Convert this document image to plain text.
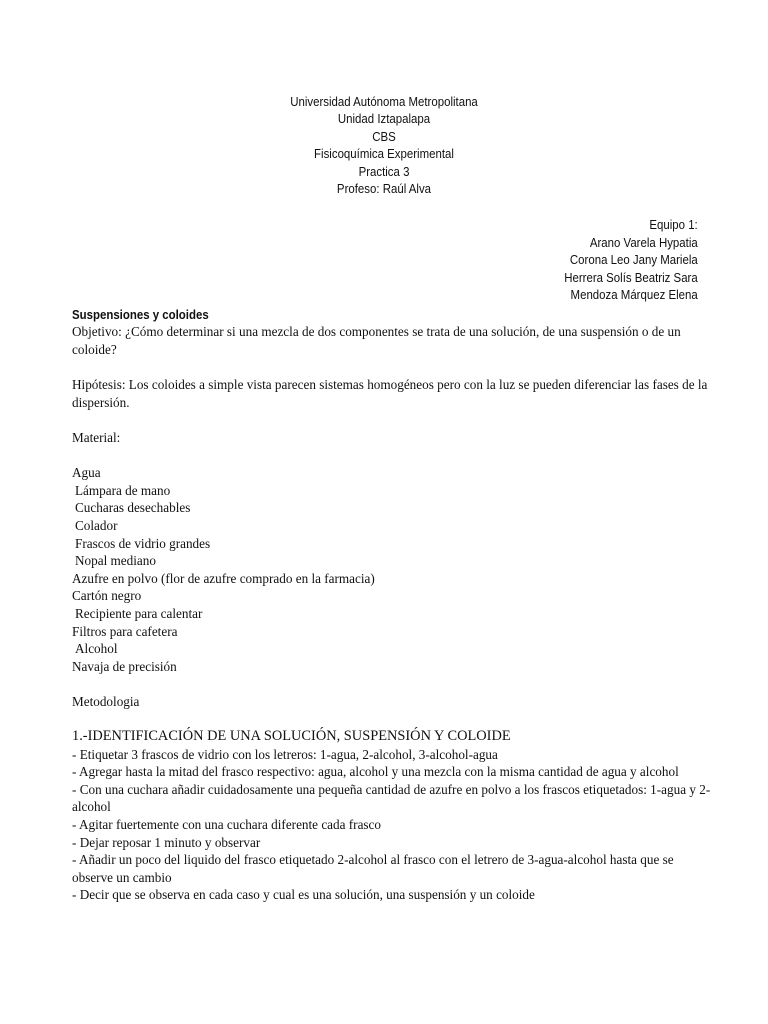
Universidad Autónoma Metropolitana
Unidad Iztapalapa
CBS
Fisicoquímica Experimental
Practica 3
Profeso: Raúl Alva
Equipo 1:
Arano Varela Hypatia
Corona Leo Jany Mariela
Herrera Solís Beatriz Sara
Mendoza Márquez Elena
Suspensiones y coloides

Objetivo: ¿Cómo determinar si una mezcla de dos componentes se trata de una solución, de una suspensión o de un coloide?

Hipótesis: Los coloides a simple vista parecen sistemas homogéneos pero con la luz se pueden diferenciar las fases de la dispersión.

Material:

Agua
Lámpara de mano
Cucharas desechables
Colador
Frascos de vidrio grandes
Nopal mediano
Azufre en polvo (flor de azufre comprado en la farmacia)
Cartón negro
Recipiente para calentar
Filtros para cafetera
Alcohol
Navaja de precisión

Metodologia

1.-IDENTIFICACIÓN DE UNA SOLUCIÓN, SUSPENSIÓN Y COLOIDE

- Etiquetar 3 frascos de vidrio con los letreros: 1-agua, 2-alcohol, 3-alcohol-agua

- Agregar hasta la mitad del frasco respectivo: agua, alcohol y una mezcla con la misma cantidad de agua y alcohol

- Con una cuchara añadir cuidadosamente una pequeña cantidad de azufre en polvo a los frascos etiquetados: 1-agua y 2-alcohol

- Agitar fuertemente con una cuchara diferente cada frasco

- Dejar reposar 1 minuto y observar

- Añadir un poco del liquido del frasco etiquetado 2-alcohol al frasco con el letrero de 3-agua-alcohol hasta que se observe un cambio

- Decir que se observa en cada caso y cual es una solución, una suspensión y un coloide
